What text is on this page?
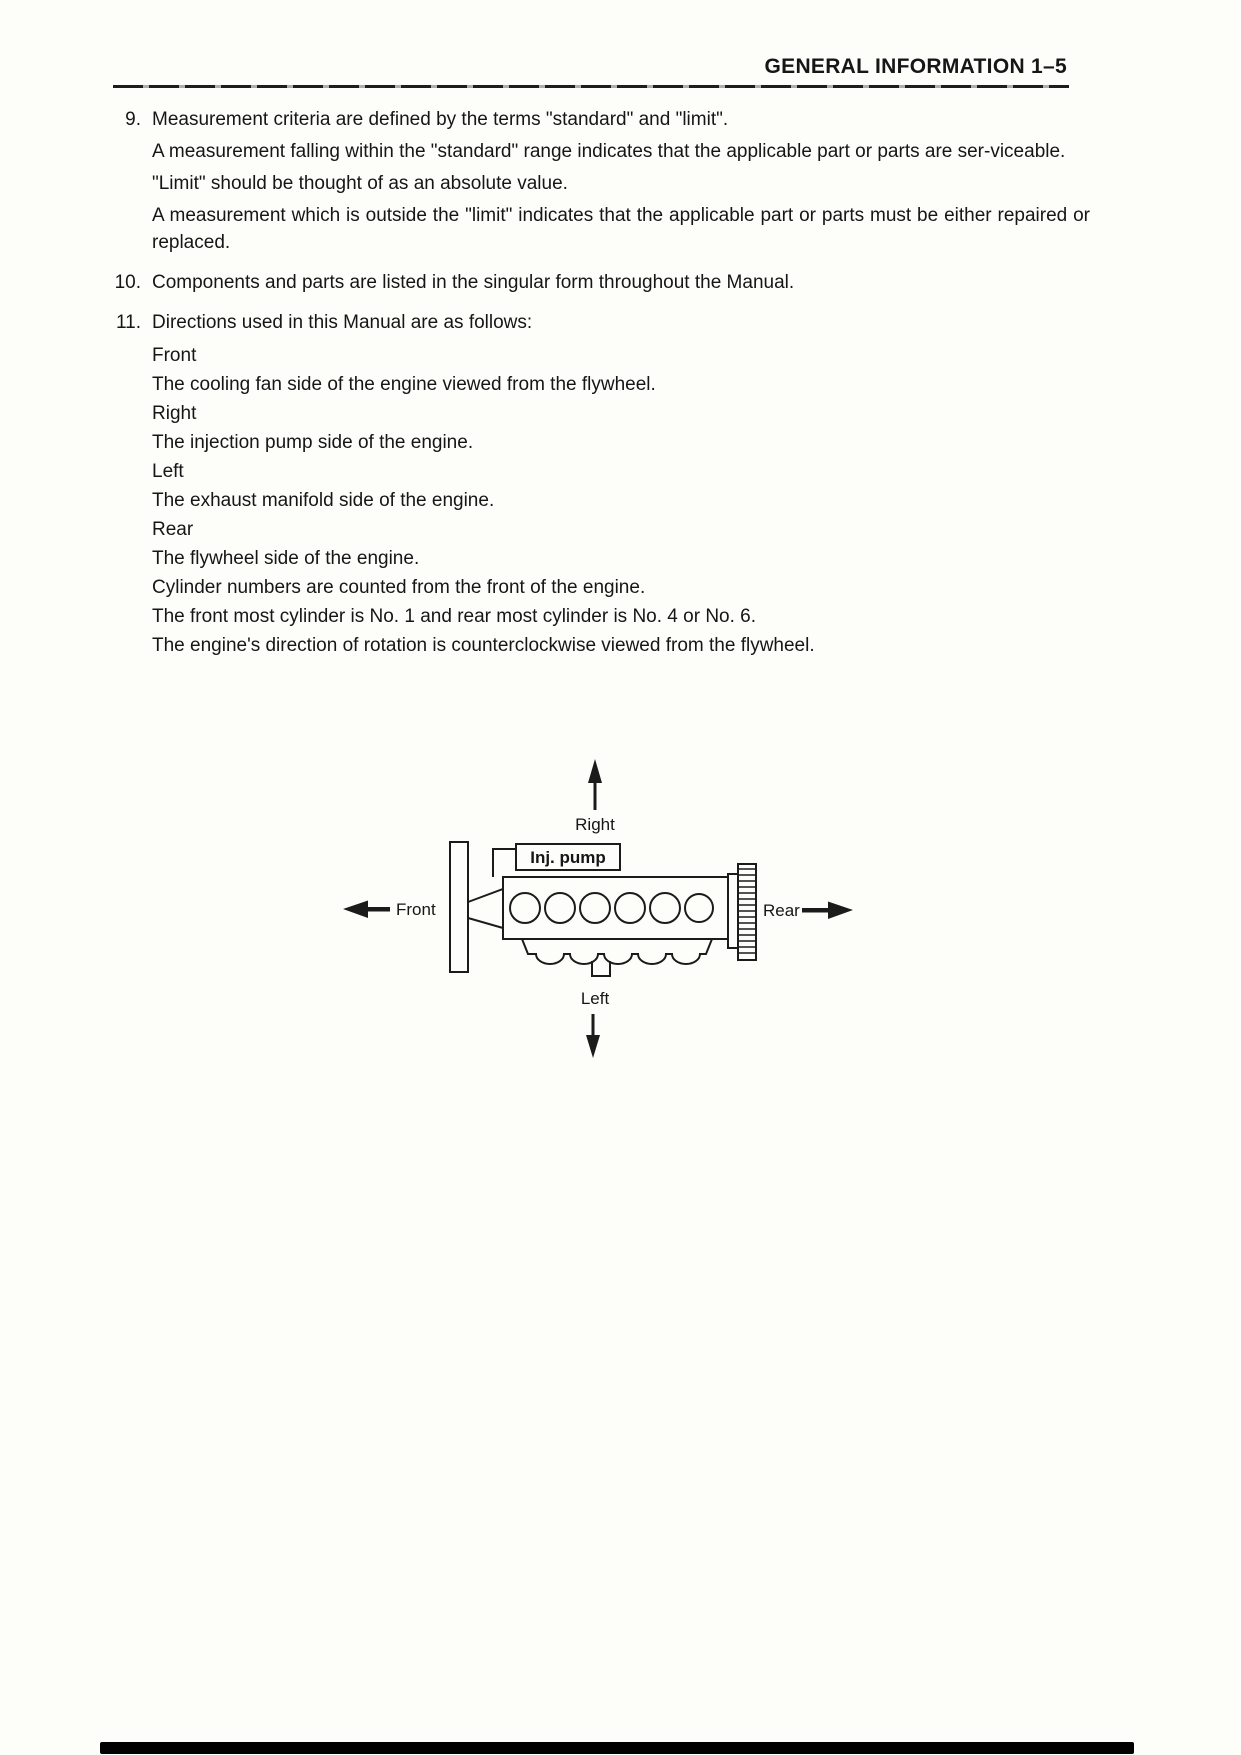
GENERAL INFORMATION 1–5
9. Measurement criteria are defined by the terms "standard" and "limit".

A measurement falling within the "standard" range indicates that the applicable part or parts are ser-viceable.

"Limit" should be thought of as an absolute value.

A measurement which is outside the "limit" indicates that the applicable part or parts must be either repaired or replaced.

10. Components and parts are listed in the singular form throughout the Manual.

11. Directions used in this Manual are as follows:

Front
The cooling fan side of the engine viewed from the flywheel.
Right
The injection pump side of the engine.
Left
The exhaust manifold side of the engine.
Rear
The flywheel side of the engine.
Cylinder numbers are counted from the front of the engine.
The front most cylinder is No. 1 and rear most cylinder is No. 4 or No. 6.
The engine's direction of rotation is counterclockwise viewed from the flywheel.
Right
Inj. pump
Front	Rear
Left
